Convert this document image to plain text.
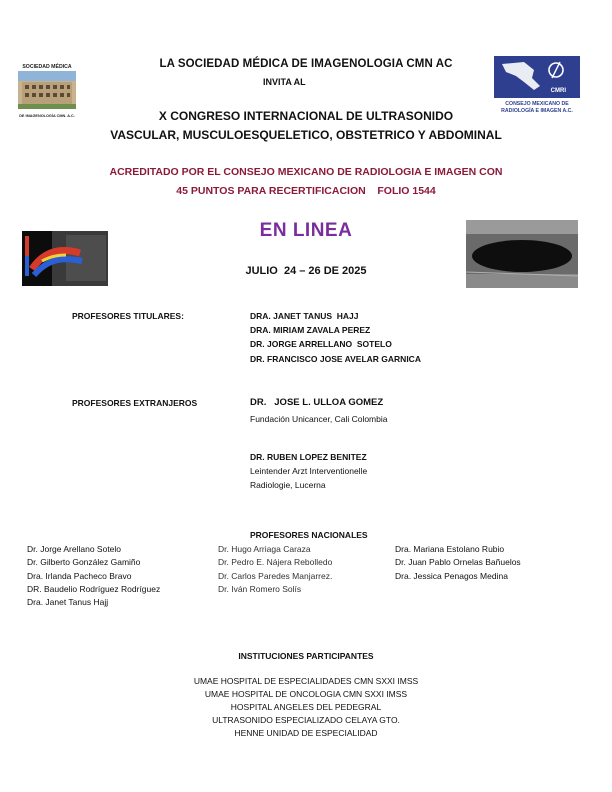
SOCIEDAD MÉDICA
DE IMAGENOLOGÍA CMN. A.C.
CMRI
CONSEJO MEXICANO DE
RADIOLOGÍA E IMAGEN A.C.
LA SOCIEDAD MÉDICA DE IMAGENOLOGIA CMN AC
INVITA AL
X CONGRESO INTERNACIONAL DE ULTRASONIDO
VASCULAR, MUSCULOESQUELETICO, OBSTETRICO Y ABDOMINAL
ACREDITADO POR EL CONSEJO MEXICANO DE RADIOLOGIA E IMAGEN CON
45 PUNTOS PARA RECERTIFICACION    FOLIO 1544
EN LINEA
JULIO  24 – 26 DE 2025
PROFESORES TITULARES:	DRA. JANET TANUS  HAJJ
DRA. MIRIAM ZAVALA PEREZ
DR. JORGE ARRELLANO  SOTELO
DR. FRANCISCO JOSE AVELAR GARNICA
PROFESORES EXTRANJEROS	DR.   JOSE L. ULLOA GOMEZ
Fundación Unicancer, Cali Colombia
DR. RUBEN LOPEZ BENITEZ
Leintender Arzt Interventionelle
Radiologie, Lucerna
PROFESORES NACIONALES
Dr. Jorge Arellano Sotelo
Dr. Gilberto González Gamiño
Dra. Irlanda Pacheco Bravo
DR. Baudelio Rodríguez Rodríguez
Dra. Janet Tanus Hajj
Dr. Hugo Arriaga Caraza
Dr. Pedro E. Nájera Rebolledo
Dr. Carlos Paredes Manjarrez.
Dr. Iván Romero Solís
Dra. Mariana Estolano Rubio
Dr. Juan Pablo Ornelas Bañuelos
Dra. Jessica Penagos Medina
INSTITUCIONES PARTICIPANTES
UMAE HOSPITAL DE ESPECIALIDADES CMN SXXI IMSS
UMAE HOSPITAL DE ONCOLOGIA CMN SXXI IMSS
HOSPITAL ANGELES DEL PEDEGRAL
ULTRASONIDO ESPECIALIZADO CELAYA GTO.
HENNE UNIDAD DE ESPECIALIDAD
